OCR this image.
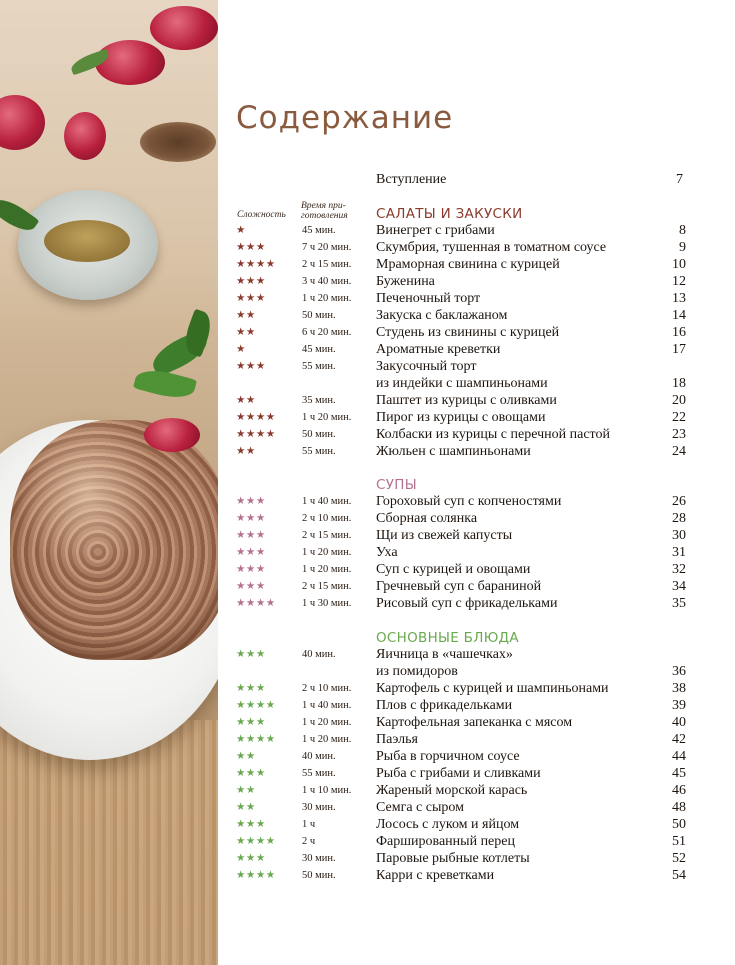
Содержание
Вступление	7
Сложность
Время при-
готовления САЛАТЫ И ЗАКУСКИ
★	45 мин.	Винегрет с грибами	8
★★★	7 ч 20 мин. Скумбрия, тушенная в томатном соусе	9
★★★★	2 ч 15 мин. Мраморная свинина с курицей	10
★★★	3 ч 40 мин. Буженина	12
★★★	1 ч 20 мин. Печеночный торт	13
★★	50 мин.	Закуска с баклажаном	14
★★	6 ч 20 мин. Студень из свинины с курицей	16
★	45 мин.	Ароматные креветки	17
★★★	55 мин.	Закусочный торт
из индейки с шампиньонами	18
★★	35 мин.	Паштет из курицы с оливками	20
★★★★	1 ч 20 мин. Пирог из курицы с овощами	22
★★★★	50 мин.	Колбаски из курицы с перечной пастой	23
★★	55 мин.	Жюльен с шампиньонами	24
СУПЫ
★★★	1 ч 40 мин. Гороховый суп с копченостями	26
★★★	2 ч 10 мин. Сборная солянка	28
★★★	2 ч 15 мин. Щи из свежей капусты	30
★★★	1 ч 20 мин. Уха	31
★★★	1 ч 20 мин. Суп с курицей и овощами	32
★★★	2 ч 15 мин. Гречневый суп с бараниной	34
★★★★	1 ч 30 мин. Рисовый суп с фрикадельками	35
ОСНОВНЫЕ БЛЮДА
★★★	40 мин.	Яичница в «чашечках»
из помидоров	36
★★★	2 ч 10 мин. Картофель с курицей и шампиньонами	38
★★★★	1 ч 40 мин. Плов с фрикадельками	39
★★★	1 ч 20 мин. Картофельная запеканка с мясом	40
★★★★	1 ч 20 мин. Паэлья	42
★★	40 мин.	Рыба в горчичном соусе	44
★★★	55 мин.	Рыба с грибами и сливками	45
★★	1 ч 10 мин. Жареный морской карась	46
★★	30 мин.	Семга с сыром	48
★★★	1 ч	Лосось с луком и яйцом	50
★★★★	2 ч	Фаршированный перец	51
★★★	30 мин.	Паровые рыбные котлеты	52
★★★★	50 мин.	Карри с креветками	54
